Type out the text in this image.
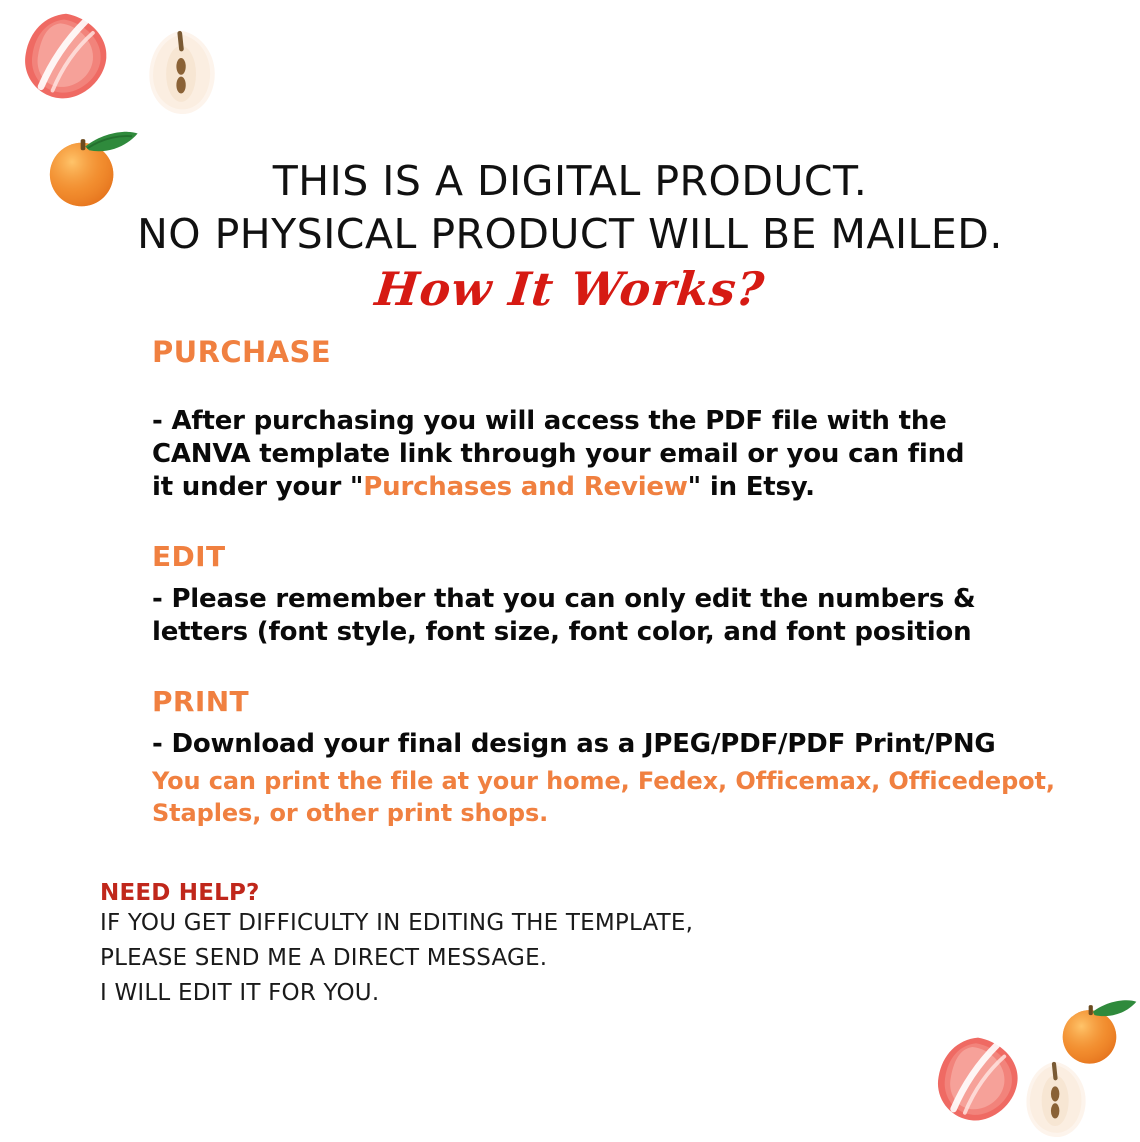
THIS IS A DIGITAL PRODUCT.
NO PHYSICAL PRODUCT WILL BE MAILED.
How It Works?
PURCHASE
- After purchasing you will access the PDF file with the
CANVA template link through your email or you can find
it under your "Purchases and Review" in Etsy.
EDIT
- Please remember that you can only edit the numbers &
letters (font style, font size, font color, and font position
PRINT
- Download your final design as a JPEG/PDF/PDF Print/PNG
You can print the file at your home, Fedex, Officemax, Officedepot,
Staples, or other print shops.
NEED HELP?
IF YOU GET DIFFICULTY IN EDITING THE TEMPLATE,
PLEASE SEND ME A DIRECT MESSAGE.
I WILL EDIT IT FOR YOU.
